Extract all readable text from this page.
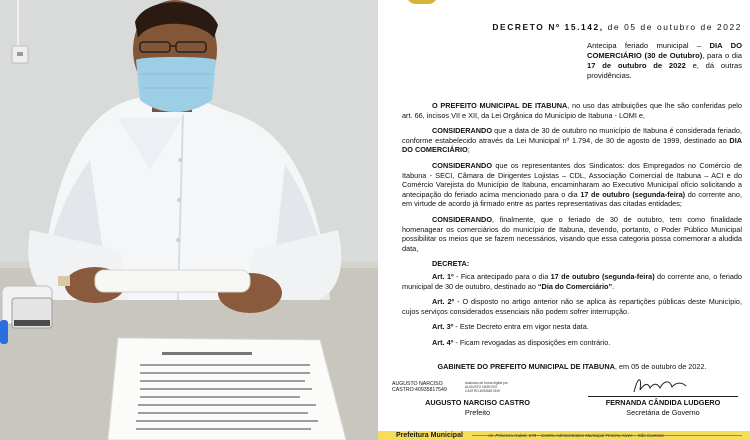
DECRETO Nº 15.142, de 05 de outubro de 2022
Antecipa feriado municipal – DIA DO COMERCIÁRIO (30 de Outubro), para o dia 17 de outubro de 2022 e, dá outras providências.

O PREFEITO MUNICIPAL DE ITABUNA, no uso das atribuições que lhe são conferidas pelo art. 66, incisos VII e XII, da Lei Orgânica do Município de Itabuna - LOMI e,

CONSIDERANDO que a data de 30 de outubro no município de Itabuna é considerada feriado, conforme estabelecido através da Lei Municipal nº 1.794, de 30 de agosto de 1999, destinado ao DIA DO COMERCIÁRIO;

CONSIDERANDO que os representantes dos Sindicatos: dos Empregados no Comércio de Itabuna - SECI, Câmara de Dirigentes Lojistas – CDL, Associação Comercial de Itabuna – ACI e do Comércio Varejista do Município de Itabuna, encaminharam ao Executivo Municipal ofício solicitando a antecipação do feriado acima mencionado para o dia 17 de outubro (segunda-feira) do corrente ano, em virtude de acordo já firmado entre as partes representativas das citadas entidades;

CONSIDERANDO, finalmente, que o feriado de 30 de outubro, tem como finalidade homenagear os comerciários do município de Itabuna, devendo, portanto, o Poder Público Municipal possibilitar os meios que se fazem necessários, visando que essa categoria possa comemorar a aludida data,

DECRETA:

Art. 1º - Fica antecipado para o dia 17 de outubro (segunda-feira) do corrente ano, o feriado municipal de 30 de outubro, destinado ao “Dia do Comerciário”.

Art. 2º - O disposto no artigo anterior não se aplica às repartições públicas deste Município, cujos serviços considerados essenciais não podem sofrer interrupção.

Art. 3º - Este Decreto entra em vigor nesta data.

Art. 4º - Ficam revogadas as disposições em contrário.

GABINETE DO PREFEITO MUNICIPAL DE ITABUNA, em 05 de outubro de 2022.
AUGUSTO NARCISO
CASTRO:40935817549
Assinado de forma digital por AUGUSTO NARCISO CASTRO:40935817549
AUGUSTO NARCISO CASTRO
Prefeito
FERNANDA CÂNDIDA LUDGERO
Secretária de Governo
Prefeitura Municipal	Av. Princesa Isabel, 678 – Centro Administrativo Municipal Firmino Alves – São Caetano
